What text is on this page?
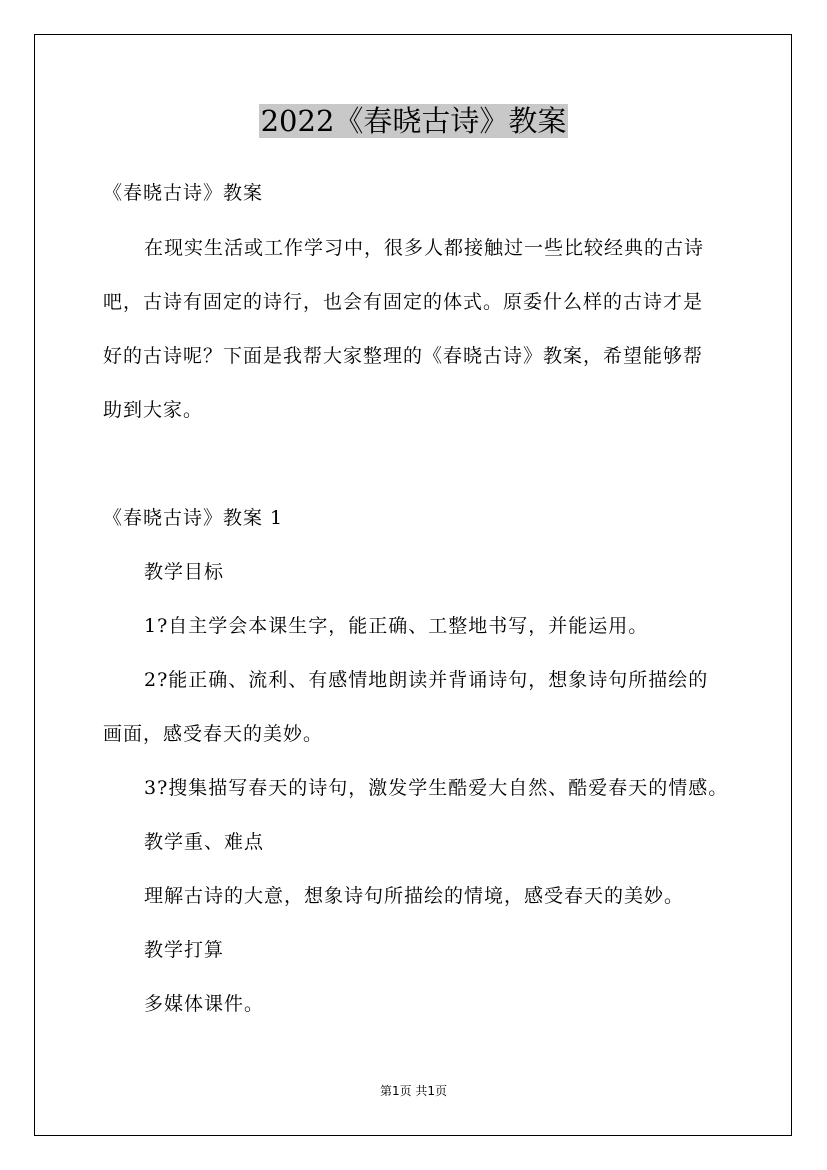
2022《春晓古诗》教案
《春晓古诗》教案
在现实生活或工作学习中，很多人都接触过一些比较经典的古诗
吧，古诗有固定的诗行，也会有固定的体式。原委什么样的古诗才是
好的古诗呢？下面是我帮大家整理的《春晓古诗》教案，希望能够帮
助到大家。
《春晓古诗》教案 1
教学目标
1?自主学会本课生字，能正确、工整地书写，并能运用。
2?能正确、流利、有感情地朗读并背诵诗句，想象诗句所描绘的
画面，感受春天的美妙。
3?搜集描写春天的诗句，激发学生酷爱大自然、酷爱春天的情感。
教学重、难点
理解古诗的大意，想象诗句所描绘的情境，感受春天的美妙。
教学打算
多媒体课件。
第1页 共1页
